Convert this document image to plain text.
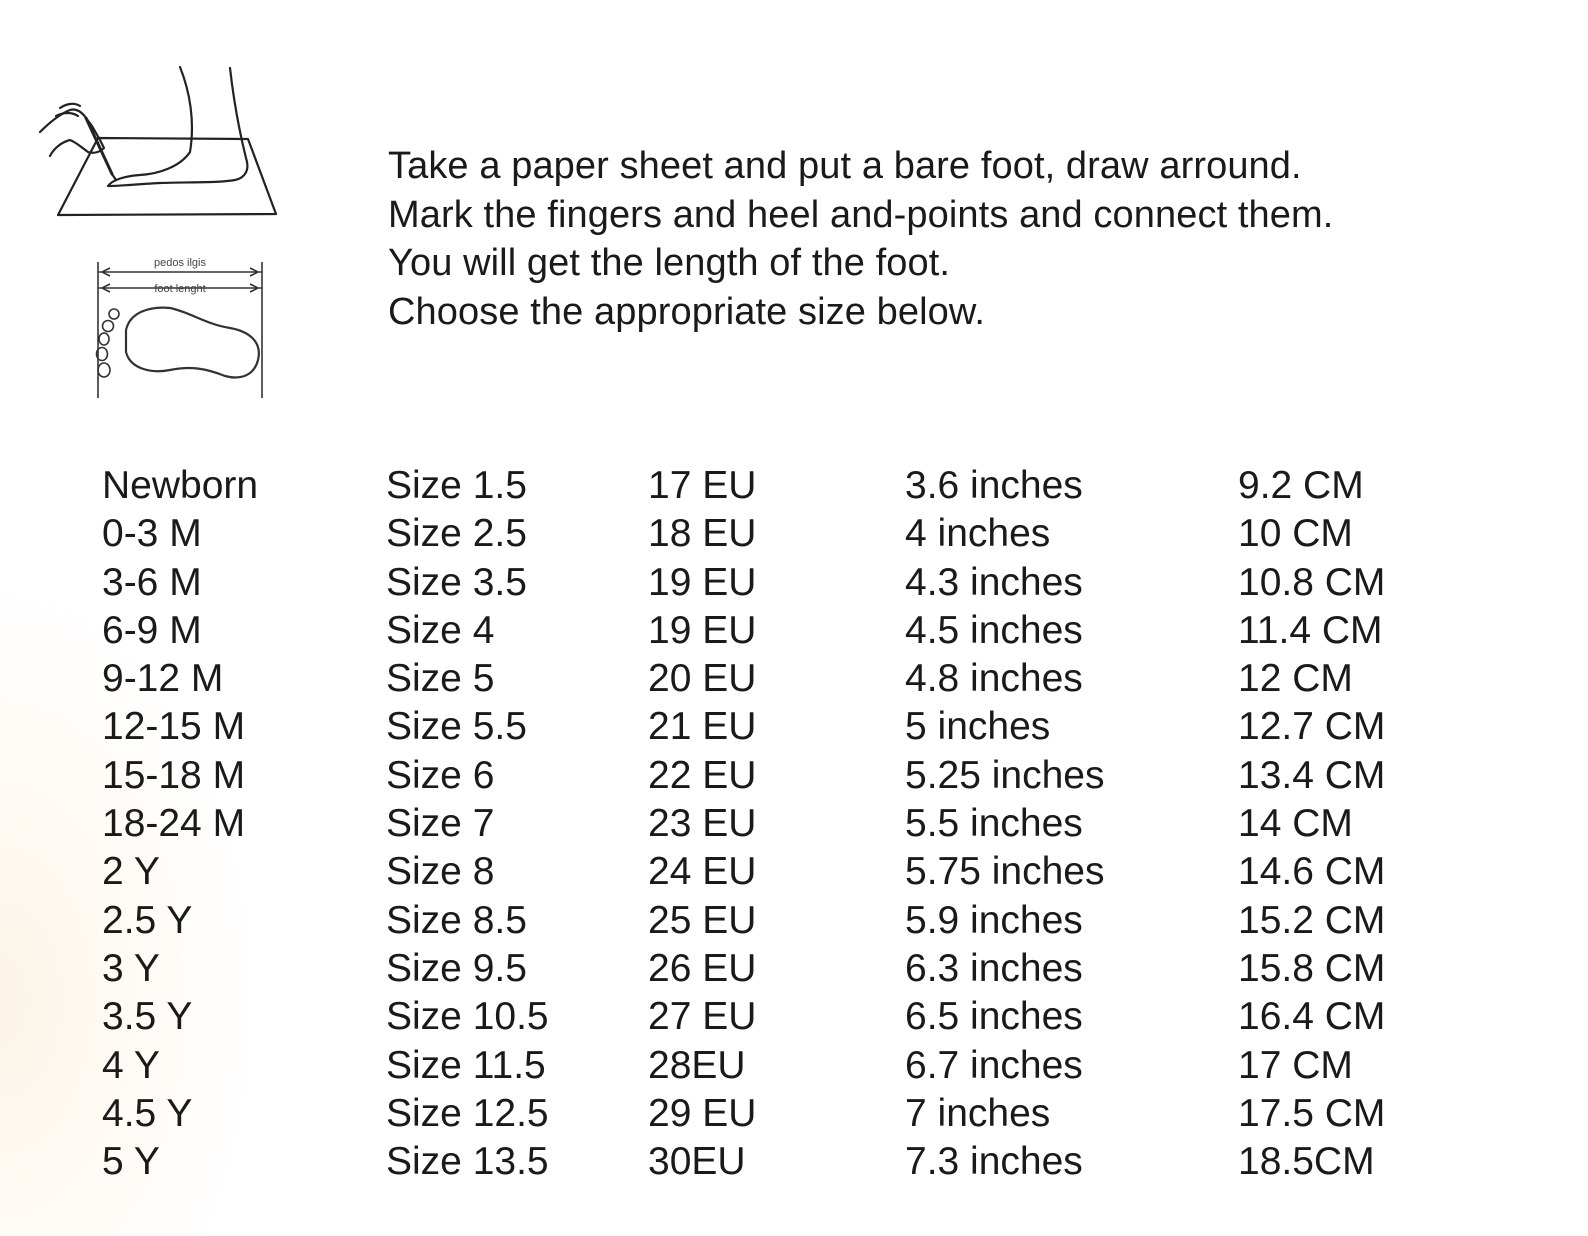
pedos ilgis
foot lenght
Take a paper sheet and put a bare foot, draw arround.
Mark the fingers and heel and-points and connect them.
You will get the length of the foot.
Choose the appropriate size below.
Newborn	Size 1.5	17 EU	3.6 inches	9.2 CM
0-3 M	Size 2.5	18 EU	4 inches	10 CM
3-6 M	Size 3.5	19 EU	4.3 inches	10.8 CM
6-9 M	Size 4	19 EU	4.5 inches	11.4 CM
9-12 M	Size 5	20 EU	4.8 inches	12 CM
12-15 M	Size 5.5	21 EU	5 inches	12.7 CM
15-18 M	Size 6	22 EU	5.25 inches	13.4 CM
18-24 M	Size 7	23 EU	5.5 inches	14 CM
2 Y	Size 8	24 EU	5.75 inches	14.6 CM
2.5 Y	Size 8.5	25 EU	5.9 inches	15.2 CM
3 Y	Size 9.5	26 EU	6.3 inches	15.8 CM
3.5 Y	Size 10.5	27 EU	6.5 inches	16.4 CM
4 Y	Size 11.5	28EU	6.7 inches	17 CM
4.5 Y	Size 12.5	29 EU	7 inches	17.5 CM
5 Y	Size 13.5	30EU	7.3 inches	18.5CM
